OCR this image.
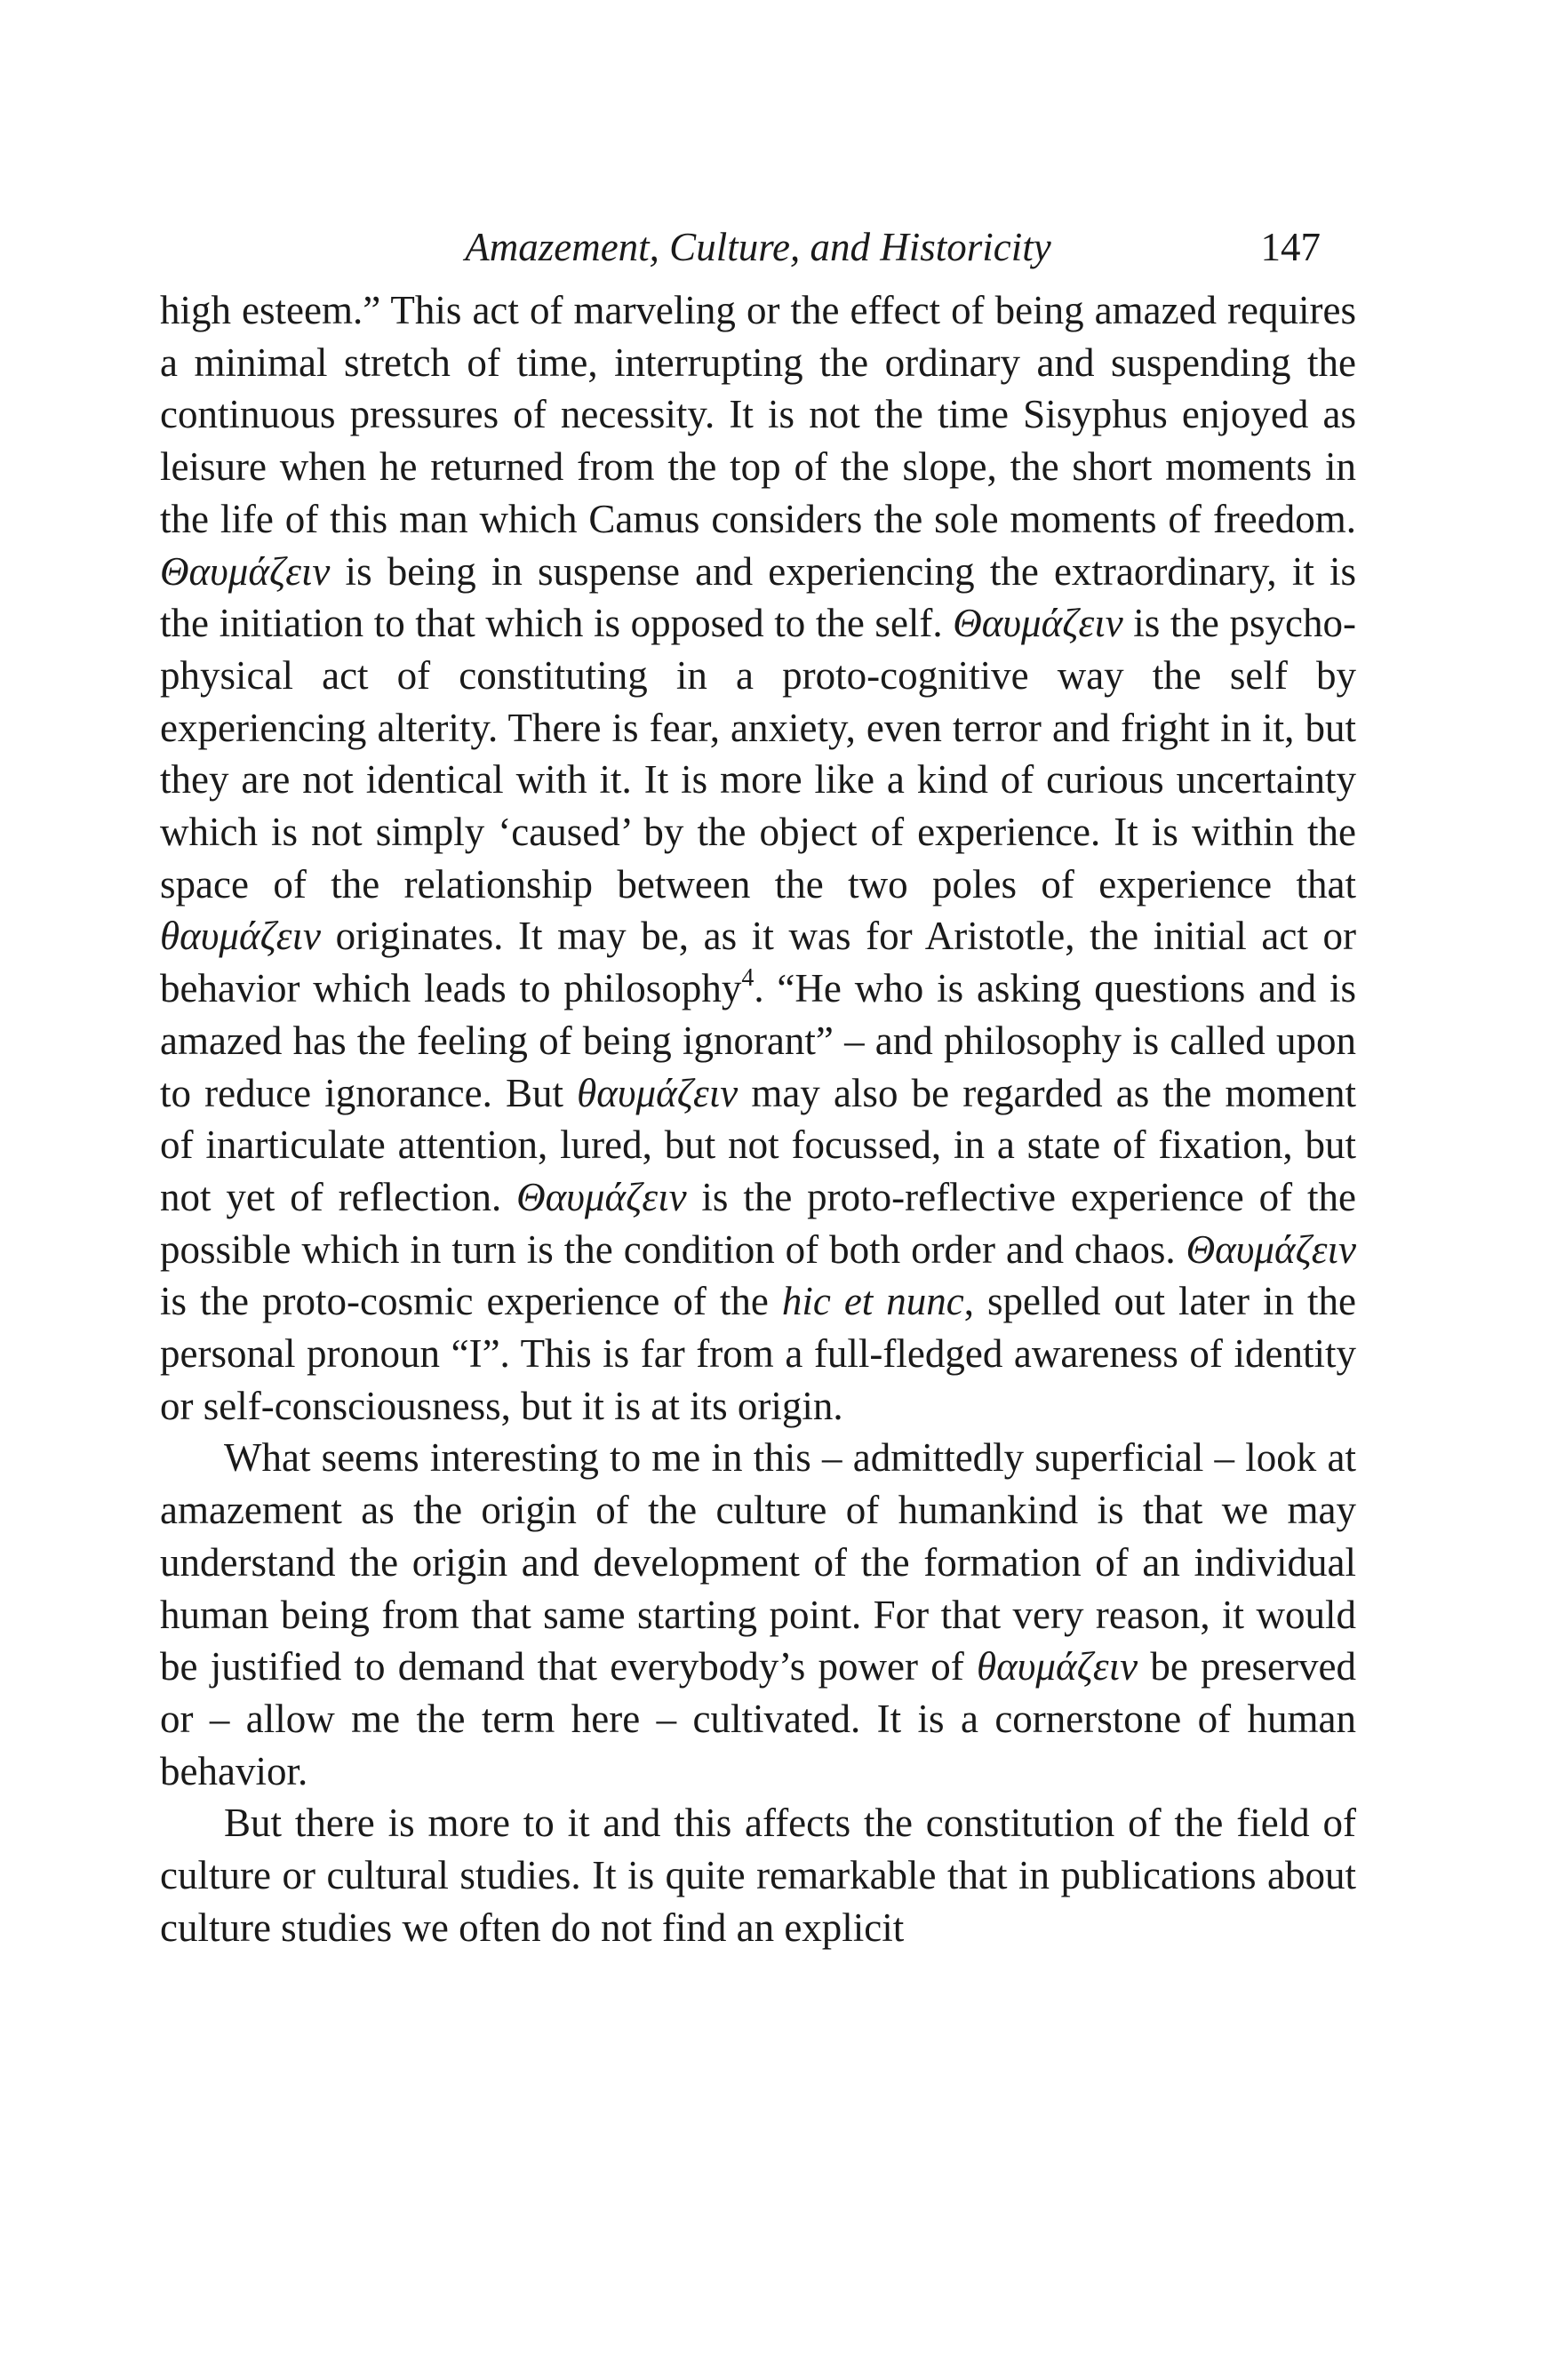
Amazement, Culture, and Historicity	147

high esteem.” This act of marveling or the effect of being amazed requires a minimal stretch of time, interrupting the ordinary and suspending the continuous pressures of necessity. It is not the time Sisyphus enjoyed as leisure when he returned from the top of the slope, the short moments in the life of this man which Camus considers the sole moments of freedom. Θαυμάζειν is being in suspense and experiencing the extraordinary, it is the initiation to that which is opposed to the self. Θαυμάζειν is the psycho-physical act of constituting in a proto-cognitive way the self by experiencing alterity. There is fear, anxiety, even terror and fright in it, but they are not identical with it. It is more like a kind of curious uncertainty which is not simply ‘caused’ by the object of experience. It is within the space of the relationship between the two poles of experience that θαυμάζειν originates. It may be, as it was for Aristotle, the initial act or behavior which leads to philosophy$^4$. “He who is asking questions and is amazed has the feeling of being ignorant” – and philosophy is called upon to reduce ignorance. But θαυμάζειν may also be regarded as the moment of inarticulate attention, lured, but not focussed, in a state of fixation, but not yet of reflection. Θαυμάζειν is the proto-reflective experience of the possible which in turn is the condition of both order and chaos. Θαυμάζειν is the proto-cosmic experience of the hic et nunc, spelled out later in the personal pronoun “I”. This is far from a full-fledged awareness of identity or self-consciousness, but it is at its origin.

What seems interesting to me in this – admittedly superficial – look at amazement as the origin of the culture of humankind is that we may understand the origin and development of the formation of an individual human being from that same starting point. For that very reason, it would be justified to demand that everybody’s power of θαυμάζειν be preserved or – allow me the term here – cultivated. It is a cornerstone of human behavior.

But there is more to it and this affects the constitution of the field of culture or cultural studies. It is quite remarkable that in publications about culture studies we often do not find an explicit
